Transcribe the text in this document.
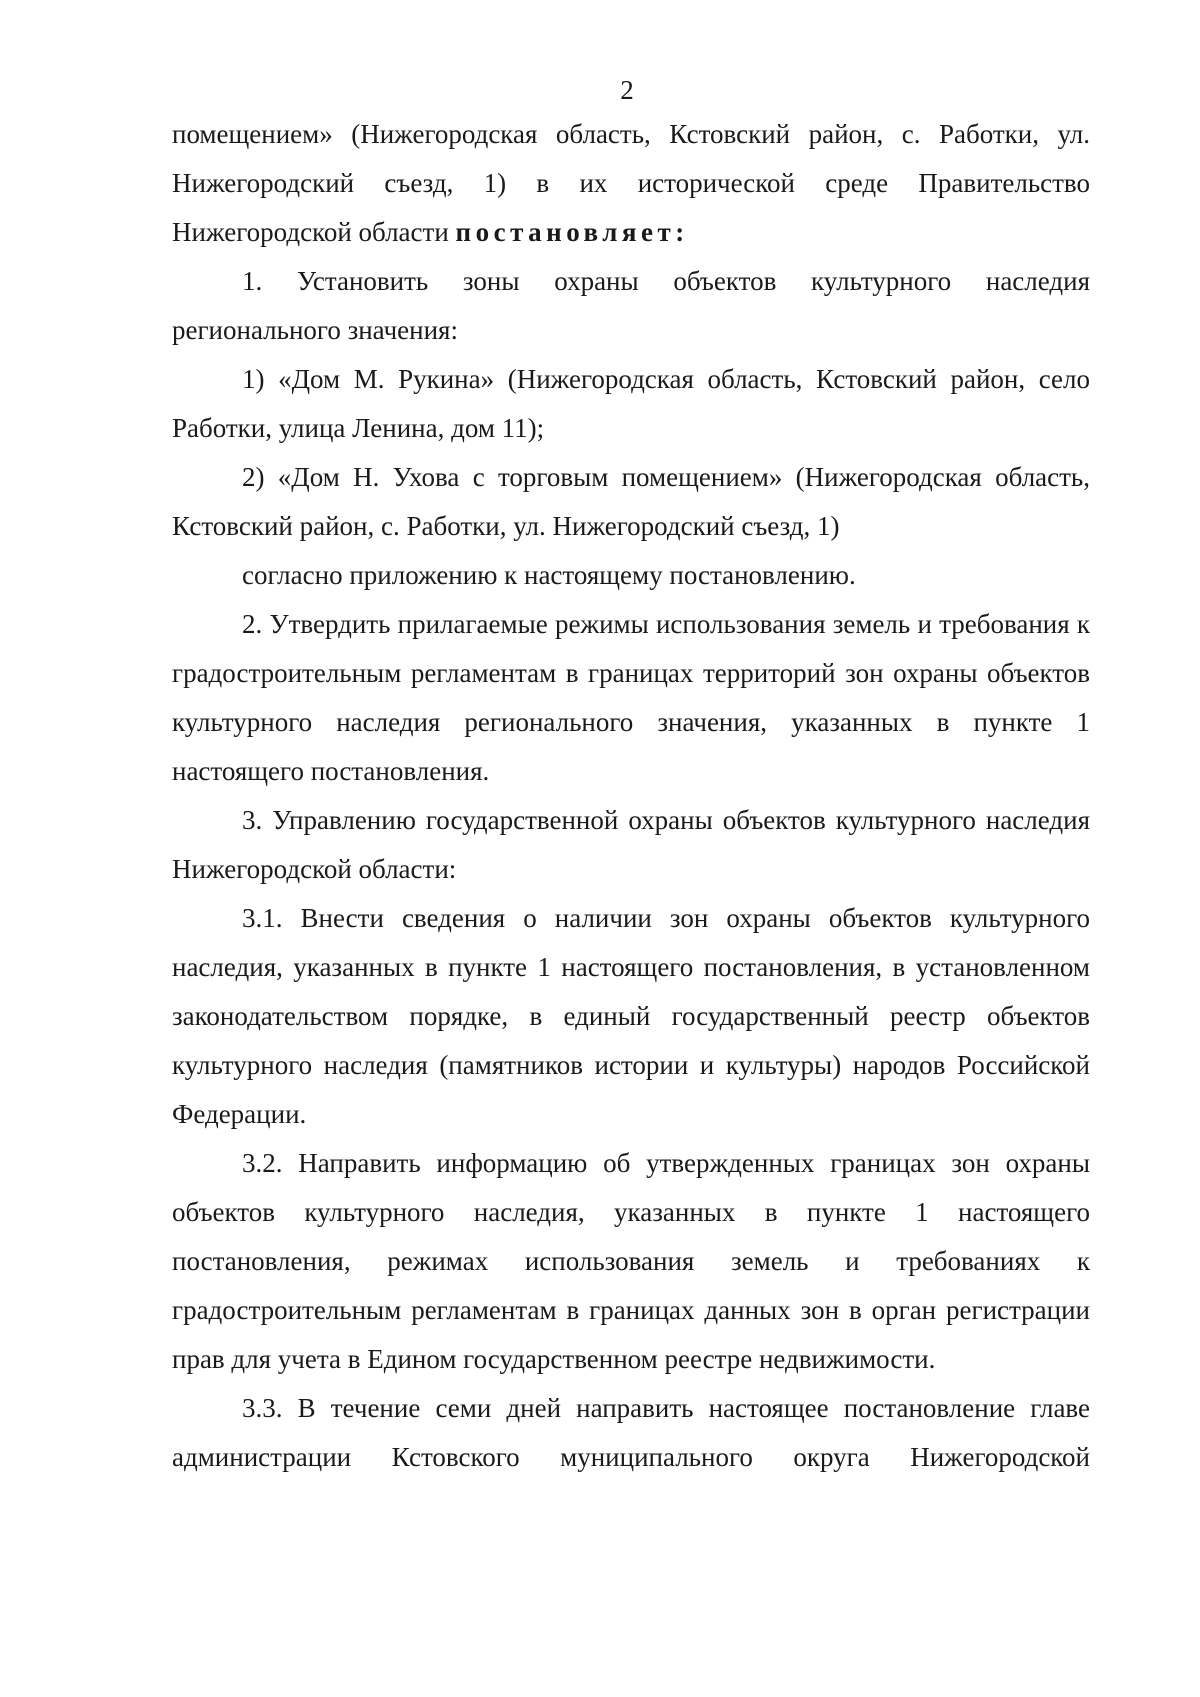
2

помещением» (Нижегородская область, Кстовский район, с. Работки, ул. Нижегородский съезд, 1) в их исторической среде Правительство Нижегородской области постановляет:

1. Установить зоны охраны объектов культурного наследия регионального значения:

1) «Дом М. Рукина» (Нижегородская область, Кстовский район, село Работки, улица Ленина, дом 11);

2) «Дом Н. Ухова с торговым помещением» (Нижегородская область, Кстовский район, с. Работки, ул. Нижегородский съезд, 1)

согласно приложению к настоящему постановлению.

2. Утвердить прилагаемые режимы использования земель и требования к градостроительным регламентам в границах территорий зон охраны объектов культурного наследия регионального значения, указанных в пункте 1 настоящего постановления.

3. Управлению государственной охраны объектов культурного наследия Нижегородской области:

3.1. Внести сведения о наличии зон охраны объектов культурного наследия, указанных в пункте 1 настоящего постановления, в установленном законодательством порядке, в единый государственный реестр объектов культурного наследия (памятников истории и культуры) народов Российской Федерации.

3.2. Направить информацию об утвержденных границах зон охраны объектов культурного наследия, указанных в пункте 1 настоящего постановления, режимах использования земель и требованиях к градостроительным регламентам в границах данных зон в орган регистрации прав для учета в Едином государственном реестре недвижимости.

3.3. В течение семи дней направить настоящее постановление главе администрации Кстовского муниципального округа Нижегородской
